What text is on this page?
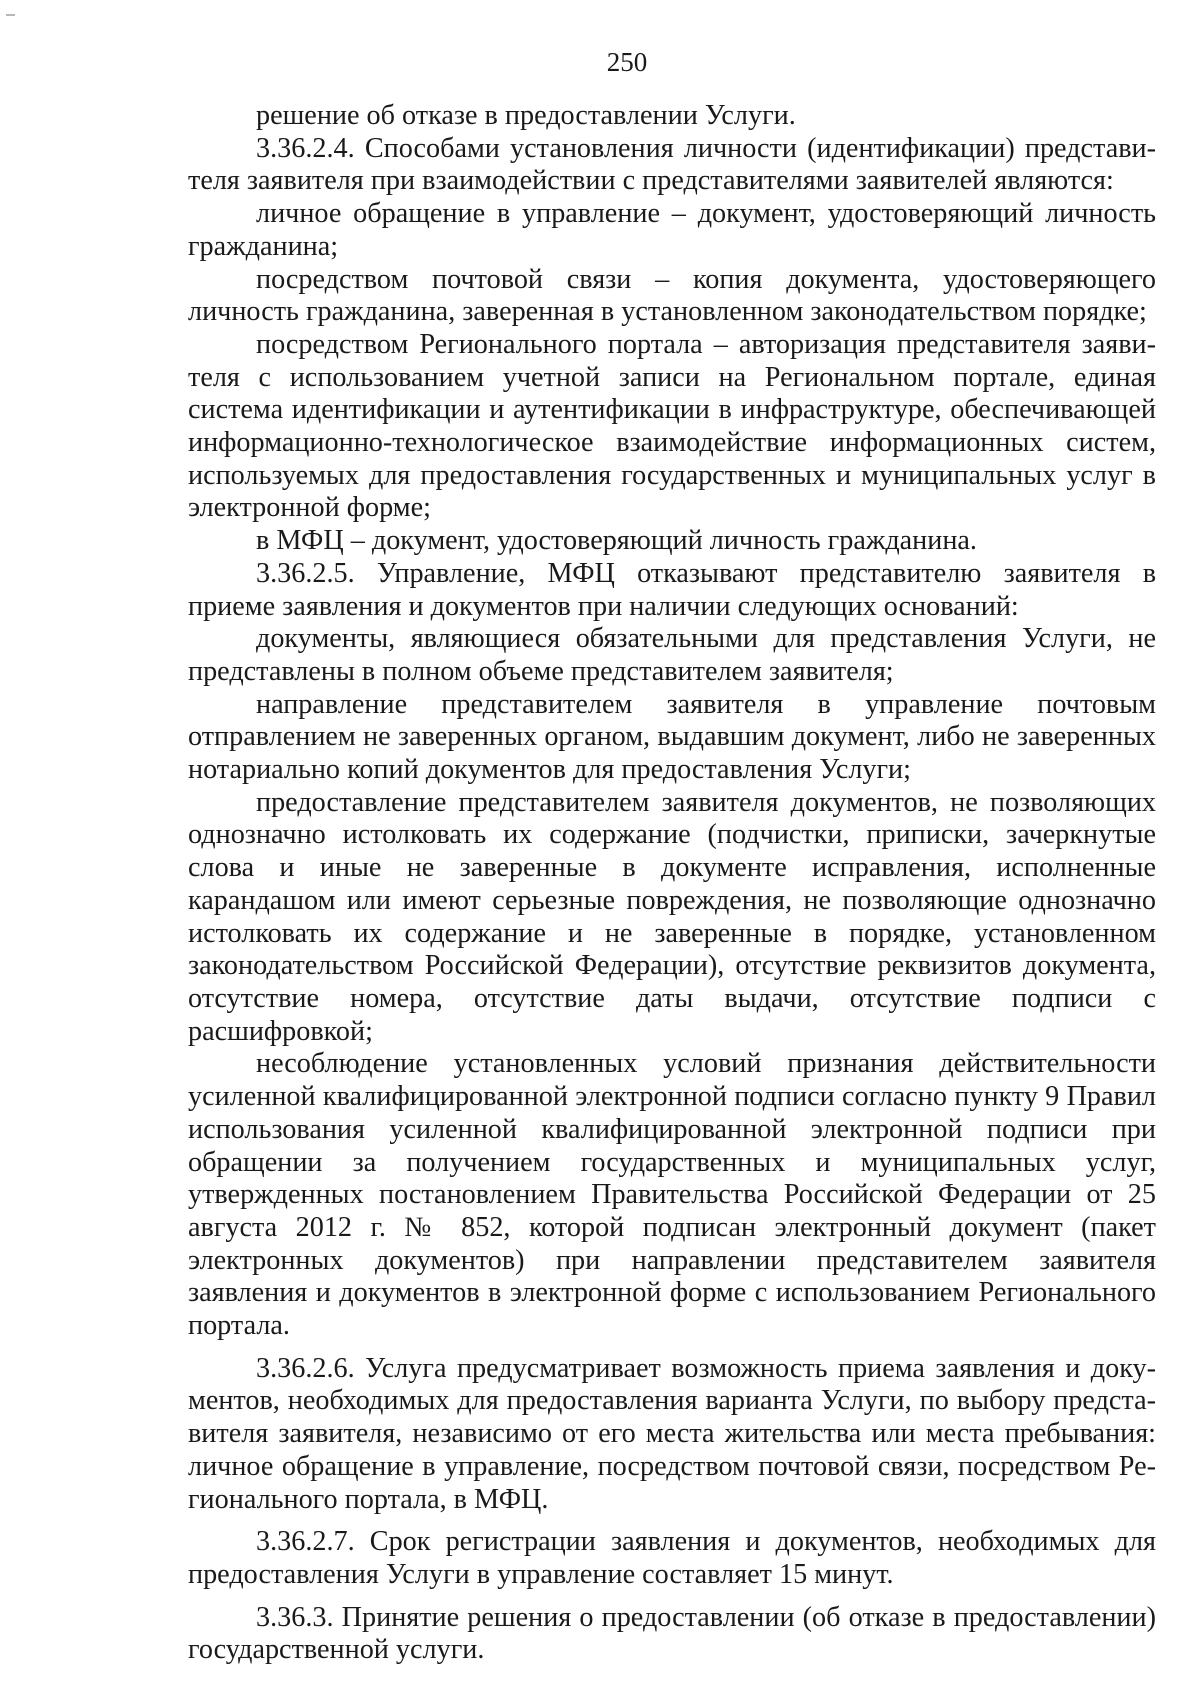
250

решение об отказе в предоставлении Услуги.

3.36.2.4. Способами установления личности (идентификации) представителя заявителя при взаимодействии с представителями заявителей являются:

личное обращение в управление – документ, удостоверяющий личность гражданина;

посредством почтовой связи – копия документа, удостоверяющего личность гражданина, заверенная в установленном законодательством порядке;

посредством Регионального портала – авторизация представителя заявителя с использованием учетной записи на Региональном портале, единая система идентификации и аутентификации в инфраструктуре, обеспечивающей информационно-технологическое взаимодействие информационных систем, используемых для предоставления государственных и муниципальных услуг в электронной форме;

в МФЦ – документ, удостоверяющий личность гражданина.

3.36.2.5. Управление, МФЦ отказывают представителю заявителя в приеме заявления и документов при наличии следующих оснований:

документы, являющиеся обязательными для представления Услуги, не представлены в полном объеме представителем заявителя;

направление представителем заявителя в управление почтовым отправлением не заверенных органом, выдавшим документ, либо не заверенных нотариально копий документов для предоставления Услуги;

предоставление представителем заявителя документов, не позволяющих однозначно истолковать их содержание (подчистки, приписки, зачеркнутые слова и иные не заверенные в документе исправления, исполненные карандашом или имеют серьезные повреждения, не позволяющие однозначно истолковать их содержание и не заверенные в порядке, установленном законодательством Российской Федерации), отсутствие реквизитов документа, отсутствие номера, отсутствие даты выдачи, отсутствие подписи с расшифровкой;

несоблюдение установленных условий признания действительности усиленной квалифицированной электронной подписи согласно пункту 9 Правил использования усиленной квалифицированной электронной подписи при обращении за получением государственных и муниципальных услуг, утвержденных постановлением Правительства Российской Федерации от 25 августа 2012 г. № 852, которой подписан электронный документ (пакет электронных документов) при направлении представителем заявителя заявления и документов в электронной форме с использованием Регионального портала.

3.36.2.6. Услуга предусматривает возможность приема заявления и документов, необходимых для предоставления варианта Услуги, по выбору представителя заявителя, независимо от его места жительства или места пребывания: личное обращение в управление, посредством почтовой связи, посредством Регионального портала, в МФЦ.

3.36.2.7. Срок регистрации заявления и документов, необходимых для предоставления Услуги в управление составляет 15 минут.

3.36.3. Принятие решения о предоставлении (об отказе в предоставлении) государственной услуги.
